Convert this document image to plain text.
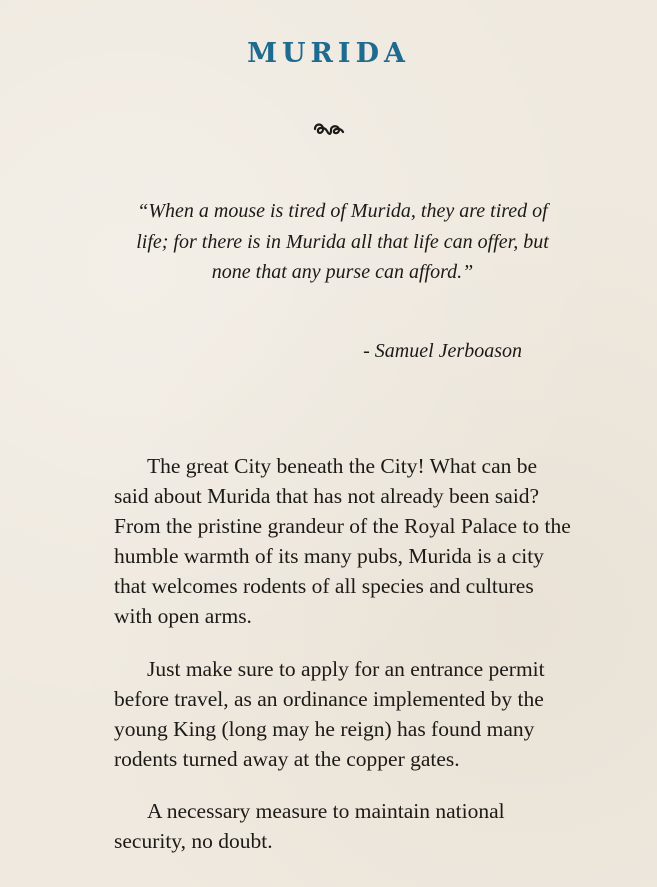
MURIDA
“When a mouse is tired of Murida, they are tired of life; for there is in Murida all that life can offer, but none that any purse can afford.”
- Samuel Jerboason

The great City beneath the City! What can be said about Murida that has not already been said? From the pristine grandeur of the Royal Palace to the humble warmth of its many pubs, Murida is a city that welcomes rodents of all species and cultures with open arms.

Just make sure to apply for an entrance permit before travel, as an ordinance implemented by the young King (long may he reign) has found many rodents turned away at the copper gates.

A necessary measure to maintain national security, no doubt.
